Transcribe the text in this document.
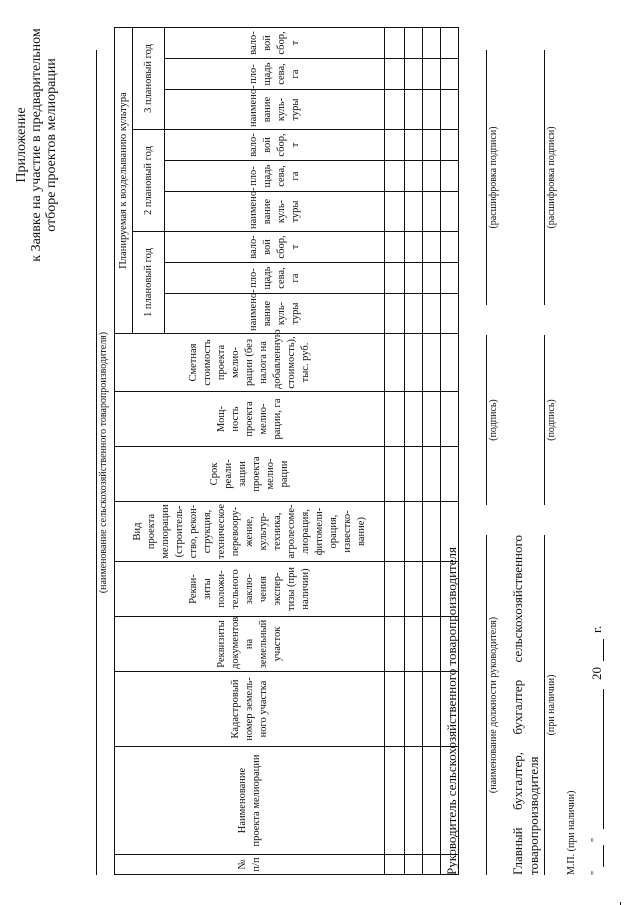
Приложение к Заявке на участие в предварительном отборе проектов мелиорации
(наименование сельскохозяйственного товаропроизводителя)
№ п/п	Наименование проекта мелиорации	Кадастровый номер земель-ного участка	Реквизиты документов на земельный участок	Рекви-зиты положи-тельного заклю-чения экспер-тизы (при наличии)	Вид проекта мелиорации (строитель-ство, рекон-струкция, техническое перевоору-жение, культур-техника, агролесоме-лиорация, фитомели-орация, известко-вание)	Срок реали-зации проекта мелио-рации	Мощ-ность проекта мелио-рации, га	Сметная стоимость проекта мелио-рации (без налога на добавленную стоимость), тыс. руб.	Планируемая к возделыванию культура								
									1 плановый год			2 плановый год			3 плановый год		
									наимено-вание куль-туры	пло-щадь сева, га	вало-вой сбор, т	наимено-вание куль-туры	пло-щадь сева, га	вало-вой сбор, т	наимено-вание куль-туры	пло-щадь сева, га	вало-вой сбор, т

Руководитель сельскохозяйственного товаропроизводителя	(наименование должности руководителя)
(подпись)
(расшифровка подписи)
Главный бухгалтер, бухгалтер сельскохозяйственного товаропроизводителя
(при наличии)
(подпись)
(расшифровка подписи)
М.П. (при наличии) "
"
20
г.
